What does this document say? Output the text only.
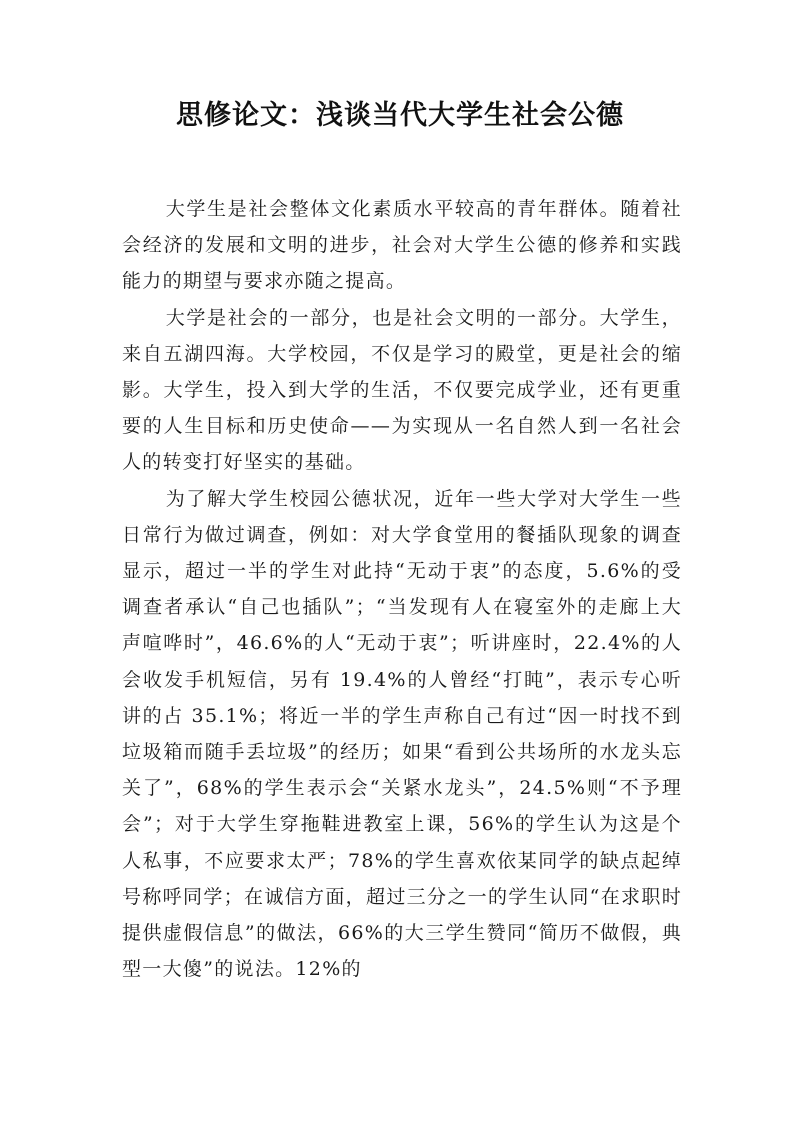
思修论文：浅谈当代大学生社会公德

大学生是社会整体文化素质水平较高的青年群体。随着社会经济的发展和文明的进步，社会对大学生公德的修养和实践能力的期望与要求亦随之提高。

大学是社会的一部分，也是社会文明的一部分。大学生，来自五湖四海。大学校园，不仅是学习的殿堂，更是社会的缩影。大学生，投入到大学的生活，不仅要完成学业，还有更重要的人生目标和历史使命——为实现从一名自然人到一名社会人的转变打好坚实的基础。

为了解大学生校园公德状况，近年一些大学对大学生一些日常行为做过调查，例如：对大学食堂用的餐插队现象的调查显示，超过一半的学生对此持“无动于衷”的态度，5.6%的受调查者承认“自己也插队”；“当发现有人在寝室外的走廊上大声喧哗时”，46.6%的人“无动于衷”；听讲座时，22.4%的人会收发手机短信，另有 19.4%的人曾经“打盹”，表示专心听讲的占 35.1%；将近一半的学生声称自己有过“因一时找不到垃圾箱而随手丢垃圾”的经历；如果“看到公共场所的水龙头忘关了”，68%的学生表示会“关紧水龙头”，24.5%则“不予理会”；对于大学生穿拖鞋进教室上课，56%的学生认为这是个人私事，不应要求太严；78%的学生喜欢依某同学的缺点起绰号称呼同学；在诚信方面，超过三分之一的学生认同“在求职时提供虚假信息”的做法，66%的大三学生赞同“简历不做假，典型一大傻”的说法。12%的
